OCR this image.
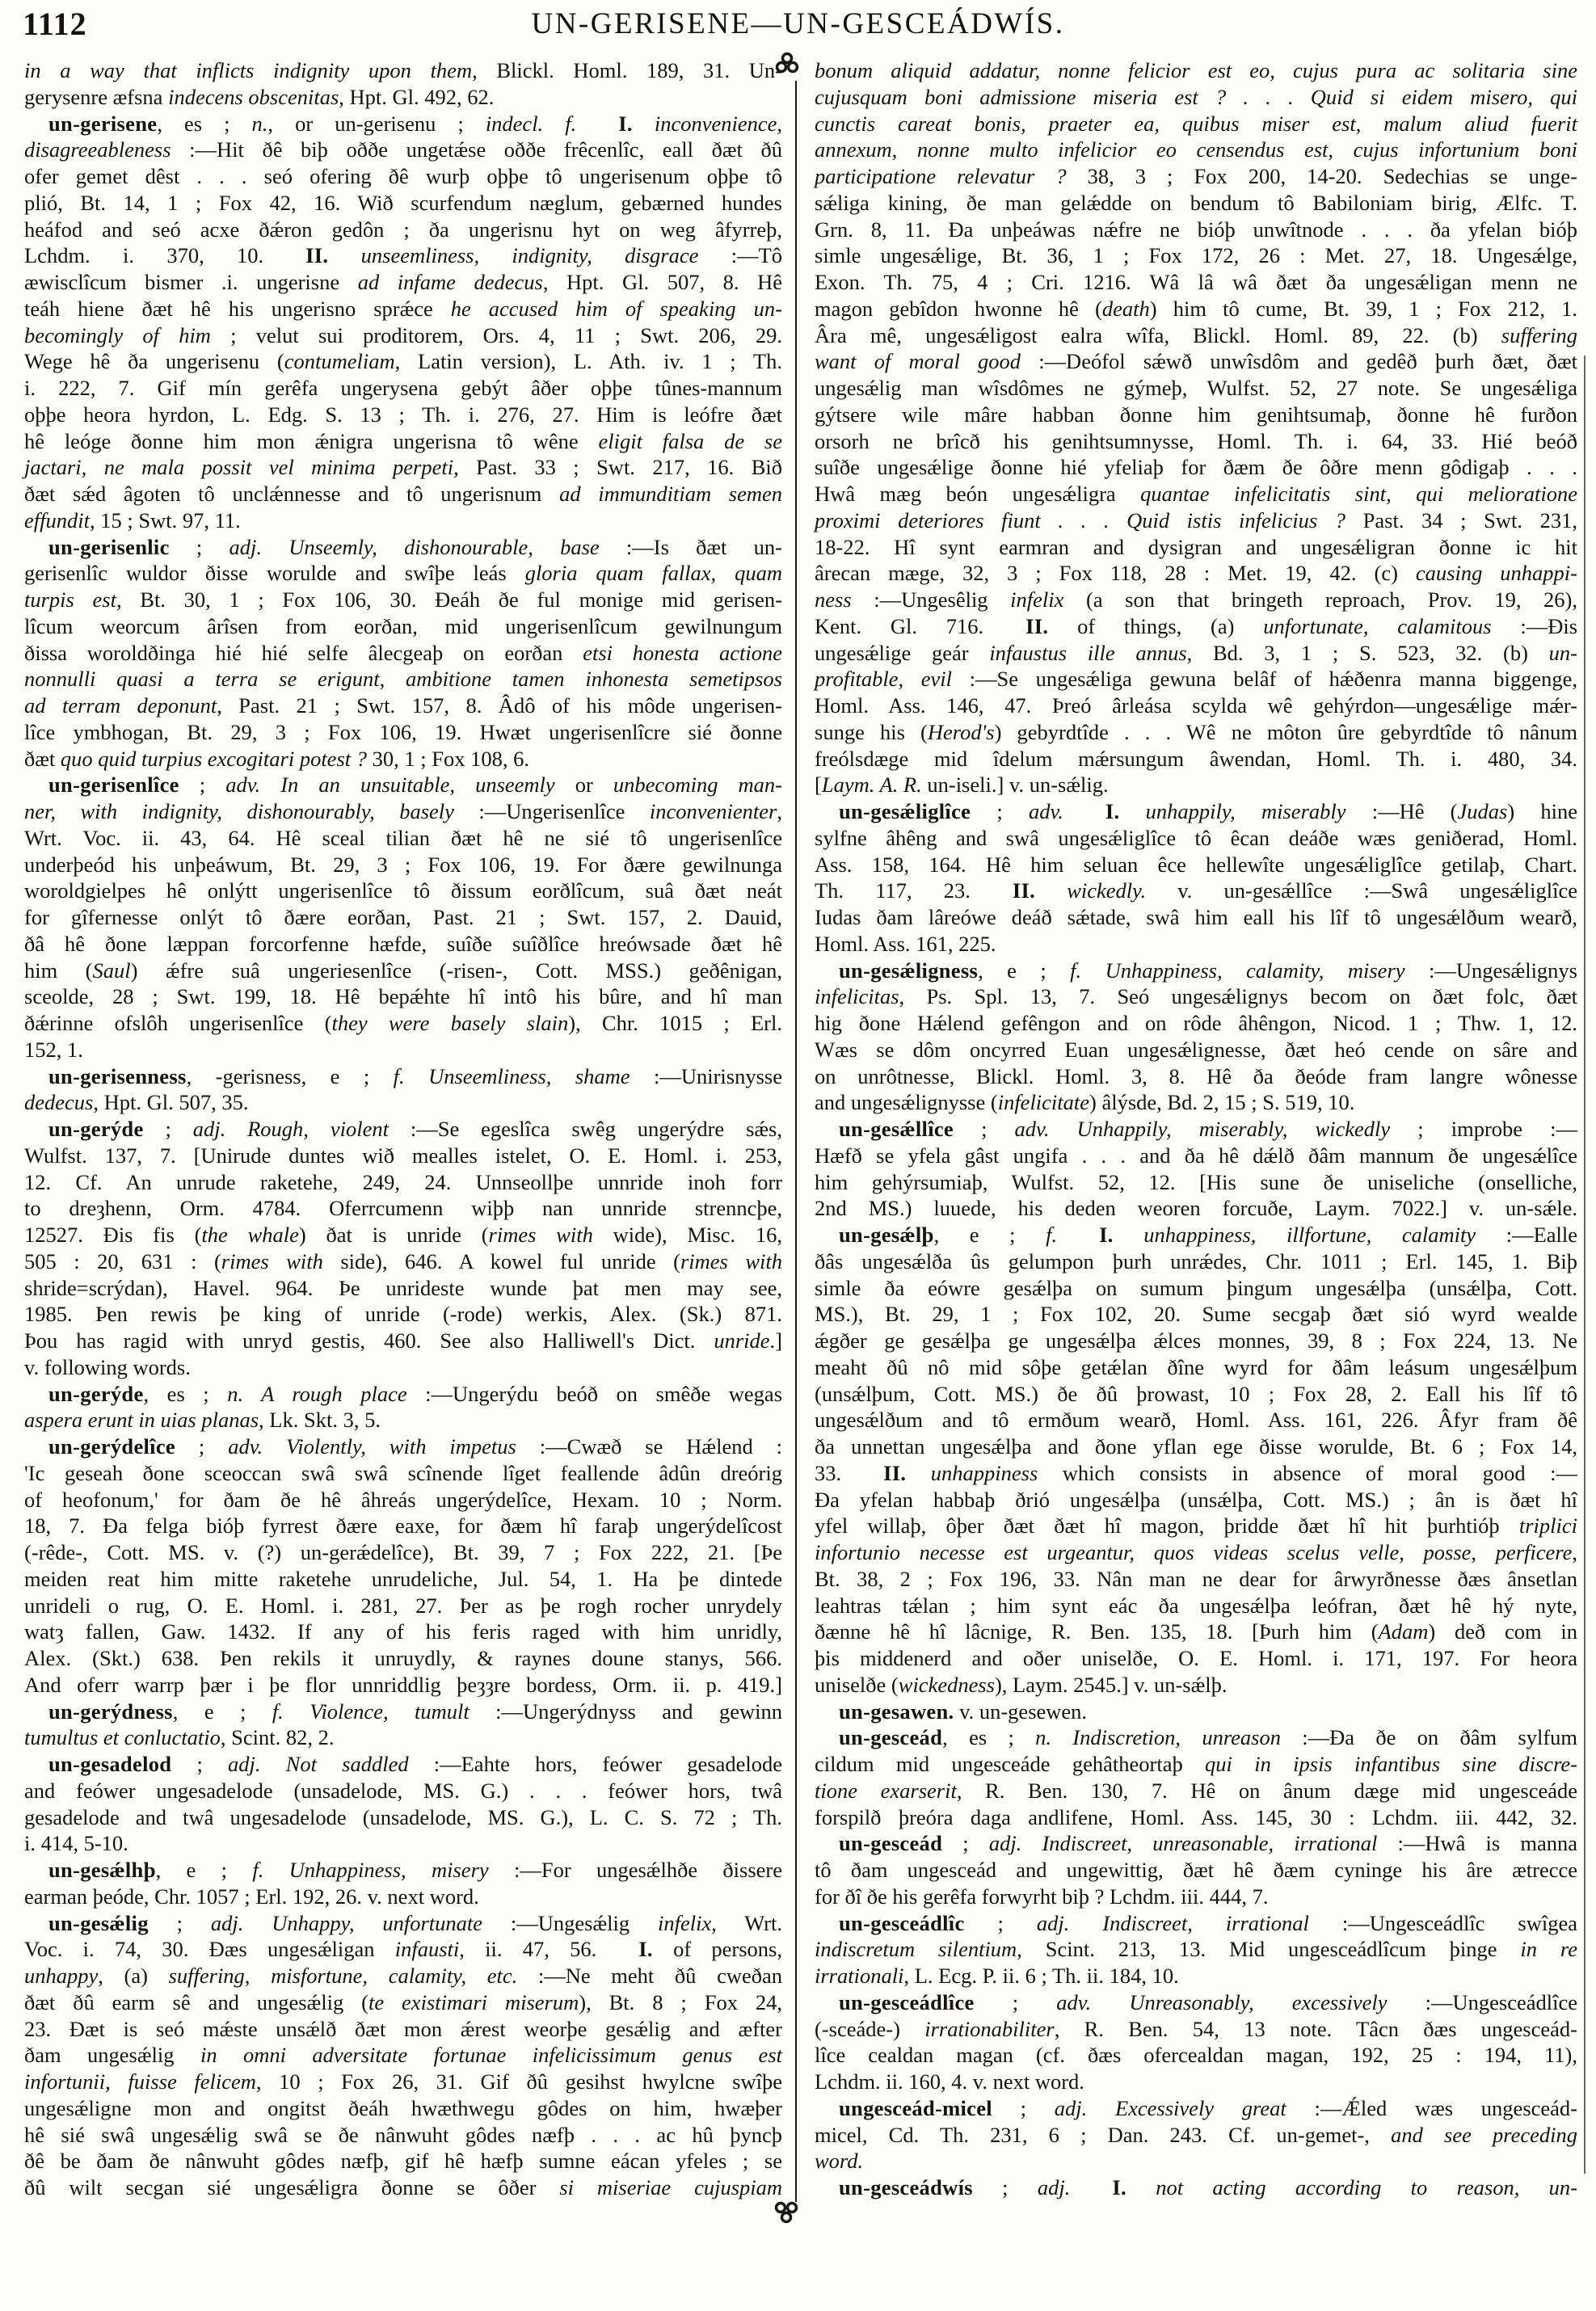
1112	UN-GERISENE—UN-GESCEÁDWÍS.
in a way that inflicts indignity upon them, Blickl. Homl. 189, 31. Un-
gerysenre æfsna indecens obscenitas, Hpt. Gl. 492, 62.
un-gerisene, es ; n., or un-gerisenu ; indecl. f. I. inconvenience,
disagreeableness :—Hit ðê biþ oððe ungetǽse oððe frêcenlîc, eall ðæt ðû
ofer gemet dêst . . . seó ofering ðê wurþ oþþe tô ungerisenum oþþe tô
plió, Bt. 14, 1 ; Fox 42, 16. Wið scurfendum næglum, gebærned hundes
heáfod and seó acxe ðǽron gedôn ; ða ungerisnu hyt on weg âfyrreþ,
Lchdm. i. 370, 10. II. unseemliness, indignity, disgrace :—Tô
æwisclîcum bismer .i. ungerisne ad infame dedecus, Hpt. Gl. 507, 8. Hê
teáh hiene ðæt hê his ungerisno sprǽce he accused him of speaking un-
becomingly of him ; velut sui proditorem, Ors. 4, 11 ; Swt. 206, 29.
Wege hê ða ungerisenu (contumeliam, Latin version), L. Ath. iv. 1 ; Th.
i. 222, 7. Gif mín gerêfa ungerysena gebýt âðer oþþe tûnes-mannum
oþþe heora hyrdon, L. Edg. S. 13 ; Th. i. 276, 27. Him is leófre ðæt
hê leóge ðonne him mon ǽnigra ungerisna tô wêne eligit falsa de se
jactari, ne mala possit vel minima perpeti, Past. 33 ; Swt. 217, 16. Bið
ðæt sǽd âgoten tô unclǽnnesse and tô ungerisnum ad immunditiam semen
effundit, 15 ; Swt. 97, 11.
un-gerisenlic ; adj. Unseemly, dishonourable, base :—Is ðæt un-
gerisenlîc wuldor ðisse worulde and swîþe leás gloria quam fallax, quam
turpis est, Bt. 30, 1 ; Fox 106, 30. Ðeáh ðe ful monige mid gerisen-
lîcum weorcum ârîsen from eorðan, mid ungerisenlîcum gewilnungum
ðissa woroldðinga hié hié selfe âlecgeaþ on eorðan etsi honesta actione
nonnulli quasi a terra se erigunt, ambitione tamen inhonesta semetipsos
ad terram deponunt, Past. 21 ; Swt. 157, 8. Âdô of his môde ungerisen-
lîce ymbhogan, Bt. 29, 3 ; Fox 106, 19. Hwæt ungerisenlîcre sié ðonne
ðæt quo quid turpius excogitari potest ? 30, 1 ; Fox 108, 6.
un-gerisenlîce ; adv. In an unsuitable, unseemly or unbecoming man-
ner, with indignity, dishonourably, basely :—Ungerisenlîce inconvenienter,
Wrt. Voc. ii. 43, 64. Hê sceal tilian ðæt hê ne sié tô ungerisenlîce
underþeód his unþeáwum, Bt. 29, 3 ; Fox 106, 19. For ðære gewilnunga
woroldgielpes hê onlýtt ungerisenlîce tô ðissum eorðlîcum, suâ ðæt neát
for gîfernesse onlýt tô ðære eorðan, Past. 21 ; Swt. 157, 2. Dauid,
ðâ hê ðone læppan forcorfenne hæfde, suîðe suîðlîce hreówsade ðæt hê
him (Saul) ǽfre suâ ungeriesenlîce (-risen-, Cott. MSS.) geðênigan,
sceolde, 28 ; Swt. 199, 18. Hê bepǽhte hî intô his bûre, and hî man
ðǽrinne ofslôh ungerisenlîce (they were basely slain), Chr. 1015 ; Erl.
152, 1.
un-gerisenness, -gerisness, e ; f. Unseemliness, shame :—Unirisnysse
dedecus, Hpt. Gl. 507, 35.
un-gerýde ; adj. Rough, violent :—Se egeslîca swêg ungerýdre sǽs,
Wulfst. 137, 7. [Unirude duntes wið mealles istelet, O. E. Homl. i. 253,
12. Cf. An unrude raketehe, 249, 24. Unnseollþe unnride inoh forr
to dreȝhenn, Orm. 4784. Oferrcumenn wiþþ nan unnride strenncþe,
12527. Ðis fis (the whale) ðat is unride (rimes with wide), Misc. 16,
505 : 20, 631 : (rimes with side), 646. A kowel ful unride (rimes with
shride=scrýdan), Havel. 964. Þe unrideste wunde þat men may see,
1985. Þen rewis þe king of unride (-rode) werkis, Alex. (Sk.) 871.
Þou has ragid with unryd gestis, 460. See also Halliwell's Dict. unride.]
v. following words.
un-gerýde, es ; n. A rough place :—Ungerýdu beóð on smêðe wegas
aspera erunt in uias planas, Lk. Skt. 3, 5.
un-gerýdelîce ; adv. Violently, with impetus :—Cwæð se Hǽlend :
'Ic geseah ðone sceoccan swâ swâ scînende lîget feallende âdûn dreórig
of heofonum,' for ðam ðe hê âhreás ungerýdelîce, Hexam. 10 ; Norm.
18, 7. Ða felga bióþ fyrrest ðære eaxe, for ðæm hî faraþ ungerýdelîcost
(-rêde-, Cott. MS. v. (?) un-gerǽdelîce), Bt. 39, 7 ; Fox 222, 21. [Þe
meiden reat him mitte raketehe unrudeliche, Jul. 54, 1. Ha þe dintede
unrideli o rug, O. E. Homl. i. 281, 27. Þer as þe rogh rocher unrydely
watȝ fallen, Gaw. 1432. If any of his feris raged with him unridly,
Alex. (Skt.) 638. Þen rekils it unruydly, & raynes doune stanys, 566.
And oferr warrp þær i þe flor unnriddlig þeȝȝre bordess, Orm. ii. p. 419.]
un-gerýdness, e ; f. Violence, tumult :—Ungerýdnyss and gewinn
tumultus et conluctatio, Scint. 82, 2.
un-gesadelod ; adj. Not saddled :—Eahte hors, feówer gesadelode
and feówer ungesadelode (unsadelode, MS. G.) . . . feówer hors, twâ
gesadelode and twâ ungesadelode (unsadelode, MS. G.), L. C. S. 72 ; Th.
i. 414, 5-10.
un-gesǽlhþ, e ; f. Unhappiness, misery :—For ungesǽlhðe ðissere
earman þeóde, Chr. 1057 ; Erl. 192, 26. v. next word.
un-gesǽlig ; adj. Unhappy, unfortunate :—Ungesǽlig infelix, Wrt.
Voc. i. 74, 30. Ðæs ungesǽligan infausti, ii. 47, 56. I. of persons,
unhappy, (a) suffering, misfortune, calamity, etc. :—Ne meht ðû cweðan
ðæt ðû earm sê and ungesǽlig (te existimari miserum), Bt. 8 ; Fox 24,
23. Ðæt is seó mǽste unsǽlð ðæt mon ǽrest weorþe gesǽlig and æfter
ðam ungesǽlig in omni adversitate fortunae infelicissimum genus est
infortunii, fuisse felicem, 10 ; Fox 26, 31. Gif ðû gesihst hwylcne swîþe
ungesǽligne mon and ongitst ðeáh hwæthwegu gôdes on him, hwæþer
hê sié swâ ungesǽlig swâ se ðe nânwuht gôdes næfþ . . . ac hû þyncþ
ðê be ðam ðe nânwuht gôdes næfþ, gif hê hæfþ sumne eácan yfeles ; se
ðû wilt secgan sié ungesǽligra ðonne se ôðer si miseriae cujuspiam
bonum aliquid addatur, nonne felicior est eo, cujus pura ac solitaria sine
cujusquam boni admissione miseria est ? . . . Quid si eidem misero, qui
cunctis careat bonis, praeter ea, quibus miser est, malum aliud fuerit
annexum, nonne multo infelicior eo censendus est, cujus infortunium boni
participatione relevatur ? 38, 3 ; Fox 200, 14-20. Sedechias se unge-
sǽliga kining, ðe man gelǽdde on bendum tô Babiloniam birig, Ælfc. T.
Grn. 8, 11. Ða unþeáwas nǽfre ne bióþ unwîtnode . . . ða yfelan bióþ
simle ungesǽlige, Bt. 36, 1 ; Fox 172, 26 : Met. 27, 18. Ungesǽlge,
Exon. Th. 75, 4 ; Cri. 1216. Wâ lâ wâ ðæt ða ungesǽligan menn ne
magon gebîdon hwonne hê (death) him tô cume, Bt. 39, 1 ; Fox 212, 1.
Âra mê, ungesǽligost ealra wîfa, Blickl. Homl. 89, 22. (b) suffering
want of moral good :—Deófol sǽwð unwîsdôm and gedêð þurh ðæt, ðæt
ungesǽlig man wîsdômes ne gýmeþ, Wulfst. 52, 27 note. Se ungesǽliga
gýtsere wile mâre habban ðonne him genihtsumaþ, ðonne hê furðon
orsorh ne brîcð his genihtsumnysse, Homl. Th. i. 64, 33. Hié beóð
suîðe ungesǽlige ðonne hié yfeliaþ for ðæm ðe ôðre menn gôdigaþ . . .
Hwâ mæg beón ungesǽligra quantae infelicitatis sint, qui melioratione
proximi deteriores fiunt . . . Quid istis infelicius ? Past. 34 ; Swt. 231,
18-22. Hî synt earmran and dysigran and ungesǽligran ðonne ic hit
ârecan mæge, 32, 3 ; Fox 118, 28 : Met. 19, 42. (c) causing unhappi-
ness :—Ungesêlig infelix (a son that bringeth reproach, Prov. 19, 26),
Kent. Gl. 716. II. of things, (a) unfortunate, calamitous :—Ðis
ungesǽlige geár infaustus ille annus, Bd. 3, 1 ; S. 523, 32. (b) un-
profitable, evil :—Se ungesǽliga gewuna belâf of hǽðenra manna biggenge,
Homl. Ass. 146, 47. Þreó ârleása scylda wê gehýrdon—ungesǽlige mǽr-
sunge his (Herod's) gebyrdtîde . . . Wê ne môton ûre gebyrdtîde tô nânum
freólsdæge mid îdelum mǽrsungum âwendan, Homl. Th. i. 480, 34.
[Laym. A. R. un-iseli.] v. un-sǽlig.
un-gesǽliglîce ; adv. I. unhappily, miserably :—Hê (Judas) hine
sylfne âhêng and swâ ungesǽliglîce tô êcan deáðe wæs geniðerad, Homl.
Ass. 158, 164. Hê him seluan êce hellewîte ungesǽliglîce getilaþ, Chart.
Th. 117, 23. II. wickedly. v. un-gesǽllîce :—Swâ ungesǽliglîce
Iudas ðam lâreówe deáð sǽtade, swâ him eall his lîf tô ungesǽlðum wearð,
Homl. Ass. 161, 225.
un-gesǽligness, e ; f. Unhappiness, calamity, misery :—Ungesǽlignys
infelicitas, Ps. Spl. 13, 7. Seó ungesǽlignys becom on ðæt folc, ðæt
hig ðone Hǽlend gefêngon and on rôde âhêngon, Nicod. 1 ; Thw. 1, 12.
Wæs se dôm oncyrred Euan ungesǽlignesse, ðæt heó cende on sâre and
on unrôtnesse, Blickl. Homl. 3, 8. Hê ða ðeóde fram langre wônesse
and ungesǽlignysse (infelicitate) âlýsde, Bd. 2, 15 ; S. 519, 10.
un-gesǽllîce ; adv. Unhappily, miserably, wickedly ; improbe :—
Hæfð se yfela gâst ungifa . . . and ða hê dǽlð ðâm mannum ðe ungesǽlîce
him gehýrsumiaþ, Wulfst. 52, 12. [His sune ðe uniseliche (onselliche,
2nd MS.) luuede, his deden weoren forcuðe, Laym. 7022.] v. un-sǽle.
un-gesǽlþ, e ; f. I. unhappiness, illfortune, calamity :—Ealle
ðâs ungesǽlða ûs gelumpon þurh unrǽdes, Chr. 1011 ; Erl. 145, 1. Biþ
simle ða eówre gesǽlþa on sumum þingum ungesǽlþa (unsǽlþa, Cott.
MS.), Bt. 29, 1 ; Fox 102, 20. Sume secgaþ ðæt sió wyrd wealde
ǽgðer ge gesǽlþa ge ungesǽlþa ǽlces monnes, 39, 8 ; Fox 224, 13. Ne
meaht ðû nô mid sôþe getǽlan ðîne wyrd for ðâm leásum ungesǽlþum
(unsǽlþum, Cott. MS.) ðe ðû þrowast, 10 ; Fox 28, 2. Eall his lîf tô
ungesǽlðum and tô ermðum wearð, Homl. Ass. 161, 226. Âfyr fram ðê
ða unnettan ungesǽlþa and ðone yflan ege ðisse worulde, Bt. 6 ; Fox 14,
33. II. unhappiness which consists in absence of moral good :—
Ða yfelan habbaþ ðrió ungesǽlþa (unsǽlþa, Cott. MS.) ; ân is ðæt hî
yfel willaþ, ôþer ðæt ðæt hî magon, þridde ðæt hî hit þurhtióþ triplici
infortunio necesse est urgeantur, quos videas scelus velle, posse, perficere,
Bt. 38, 2 ; Fox 196, 33. Nân man ne dear for ârwyrðnesse ðæs ânsetlan
leahtras tǽlan ; him synt eác ða ungesǽlþa leófran, ðæt hê hý nyte,
ðænne hê hî lâcnige, R. Ben. 135, 18. [Þurh him (Adam) deð com in
þis middenerd and oðer uniselðe, O. E. Homl. i. 171, 197. For heora
uniselðe (wickedness), Laym. 2545.] v. un-sǽlþ.
un-gesawen. v. un-gesewen.
un-gesceád, es ; n. Indiscretion, unreason :—Ða ðe on ðâm sylfum
cildum mid ungesceáde gehâtheortaþ qui in ipsis infantibus sine discre-
tione exarserit, R. Ben. 130, 7. Hê on ânum dæge mid ungesceáde
forspilð þreóra daga andlifene, Homl. Ass. 145, 30 : Lchdm. iii. 442, 32.
un-gesceád ; adj. Indiscreet, unreasonable, irrational :—Hwâ is manna
tô ðam ungesceád and ungewittig, ðæt hê ðæm cyninge his âre ætrecce
for ðî ðe his gerêfa forwyrht biþ ? Lchdm. iii. 444, 7.
un-gesceádlîc ; adj. Indiscreet, irrational :—Ungesceádlîc swîgea
indiscretum silentium, Scint. 213, 13. Mid ungesceádlîcum þinge in re
irrationali, L. Ecg. P. ii. 6 ; Th. ii. 184, 10.
un-gesceádlîce ; adv. Unreasonably, excessively :—Ungesceádlîce
(-sceáde-) irrationabiliter, R. Ben. 54, 13 note. Tâcn ðæs ungesceád-
lîce cealdan magan (cf. ðæs ofercealdan magan, 192, 25 : 194, 11),
Lchdm. ii. 160, 4. v. next word.
ungesceád-micel ; adj. Excessively great :—Ǽled wæs ungesceád-
micel, Cd. Th. 231, 6 ; Dan. 243. Cf. un-gemet-, and see preceding
word.
un-gesceádwís ; adj. I. not acting according to reason, un-
